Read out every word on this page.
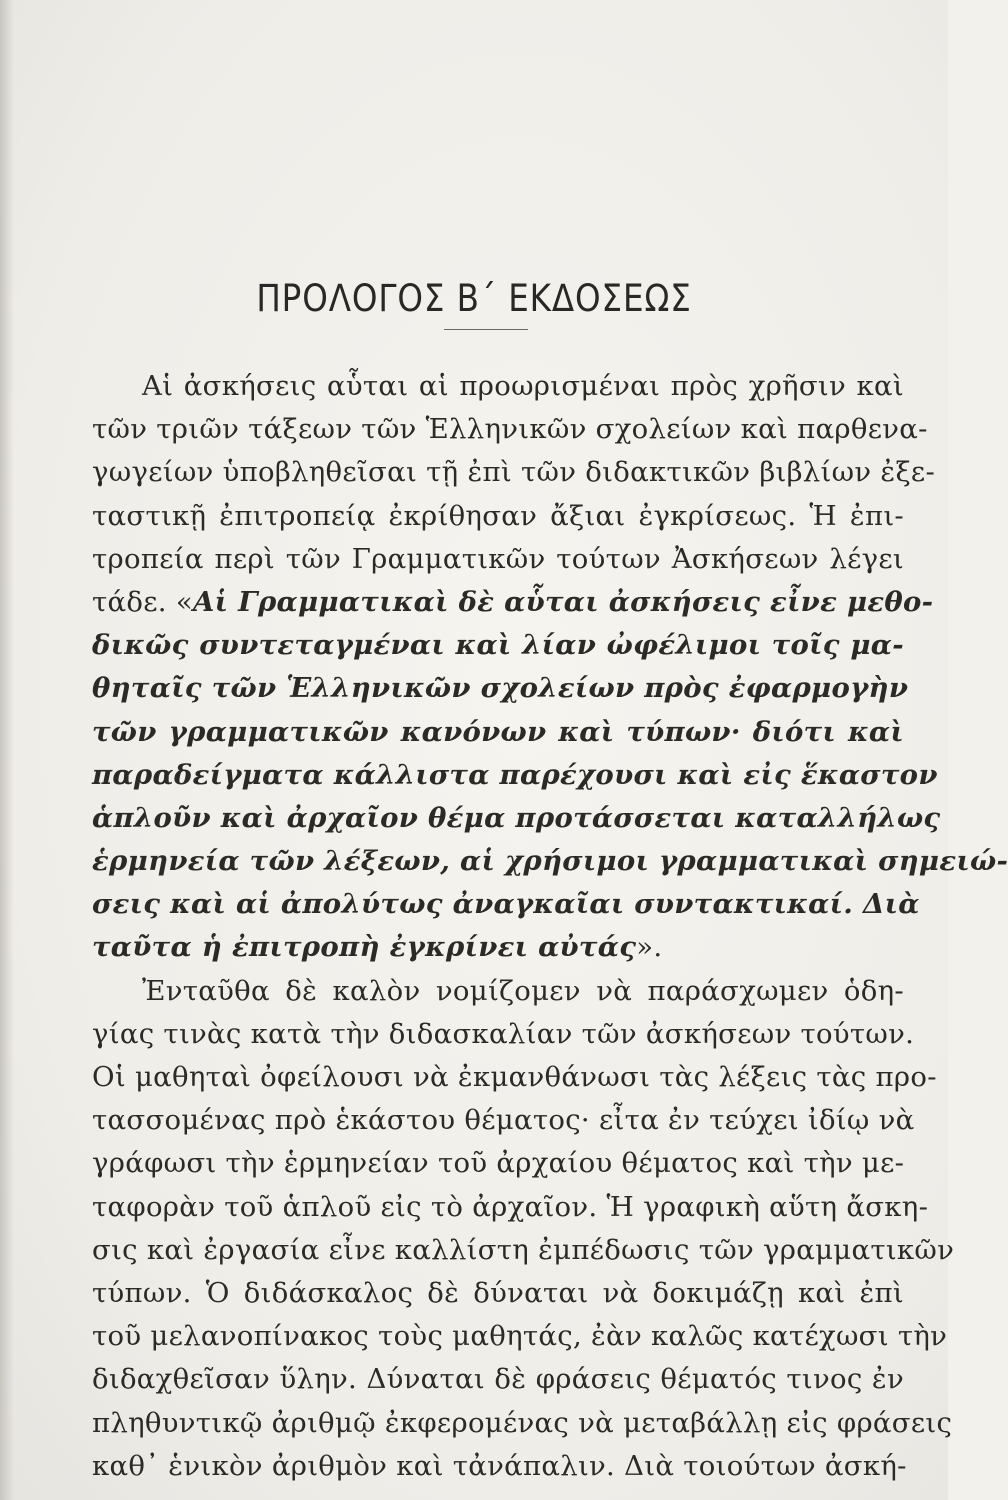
ΠΡΟΛΟΓΟΣ Β΄ ΕΚΔΟΣΕΩΣ
Αἱ ἀσκήσεις αὗται αἱ προωρισμέναι πρὸς χρῆσιν καὶ
τῶν τριῶν τάξεων τῶν Ἑλληνικῶν σχολείων καὶ παρθενα-
γωγείων ὑποβληθεῖσαι τῇ ἐπὶ τῶν διδακτικῶν βιβλίων ἐξε-
ταστικῇ ἐπιτροπείᾳ ἐκρίθησαν ἄξιαι ἐγκρίσεως. Ἡ ἐπι-
τροπεία περὶ τῶν Γραμματικῶν τούτων Ἀσκήσεων λέγει
τάδε. «Αἱ Γραμματικαὶ δὲ αὗται ἀσκήσεις εἶνε μεθο-
δικῶς συντεταγμέναι καὶ λίαν ὠφέλιμοι τοῖς μα-
θηταῖς τῶν Ἑλληνικῶν σχολείων πρὸς ἐφαρμογὴν
τῶν γραμματικῶν κανόνων καὶ τύπων· διότι καὶ
παραδείγματα κάλλιστα παρέχουσι καὶ εἰς ἕκαστον
ἁπλοῦν καὶ ἀρχαῖον θέμα προτάσσεται καταλλήλως
ἑρμηνεία τῶν λέξεων, αἱ χρήσιμοι γραμματικαὶ σημειώ-
σεις καὶ αἱ ἀπολύτως ἀναγκαῖαι συντακτικαί. Διὰ
ταῦτα ἡ ἐπιτροπὴ ἐγκρίνει αὐτάς».
Ἐνταῦθα δὲ καλὸν νομίζομεν νὰ παράσχωμεν ὁδη-
γίας τινὰς κατὰ τὴν διδασκαλίαν τῶν ἀσκήσεων τούτων.
Οἱ μαθηταὶ ὀφείλουσι νὰ ἐκμανθάνωσι τὰς λέξεις τὰς προ-
τασσομένας πρὸ ἑκάστου θέματος· εἶτα ἐν τεύχει ἰδίῳ νὰ
γράφωσι τὴν ἑρμηνείαν τοῦ ἀρχαίου θέματος καὶ τὴν με-
ταφορὰν τοῦ ἁπλοῦ εἰς τὸ ἀρχαῖον. Ἡ γραφικὴ αὕτη ἄσκη-
σις καὶ ἐργασία εἶνε καλλίστη ἐμπέδωσις τῶν γραμματικῶν
τύπων. Ὁ διδάσκαλος δὲ δύναται νὰ δοκιμάζῃ καὶ ἐπὶ
τοῦ μελανοπίνακος τοὺς μαθητάς, ἐὰν καλῶς κατέχωσι τὴν
διδαχθεῖσαν ὕλην. Δύναται δὲ φράσεις θέματός τινος ἐν
πληθυντικῷ ἀριθμῷ ἐκφερομένας νὰ μεταβάλλῃ εἰς φράσεις
καθ᾽ ἑνικὸν ἀριθμὸν καὶ τἀνάπαλιν. Διὰ τοιούτων ἀσκή-
